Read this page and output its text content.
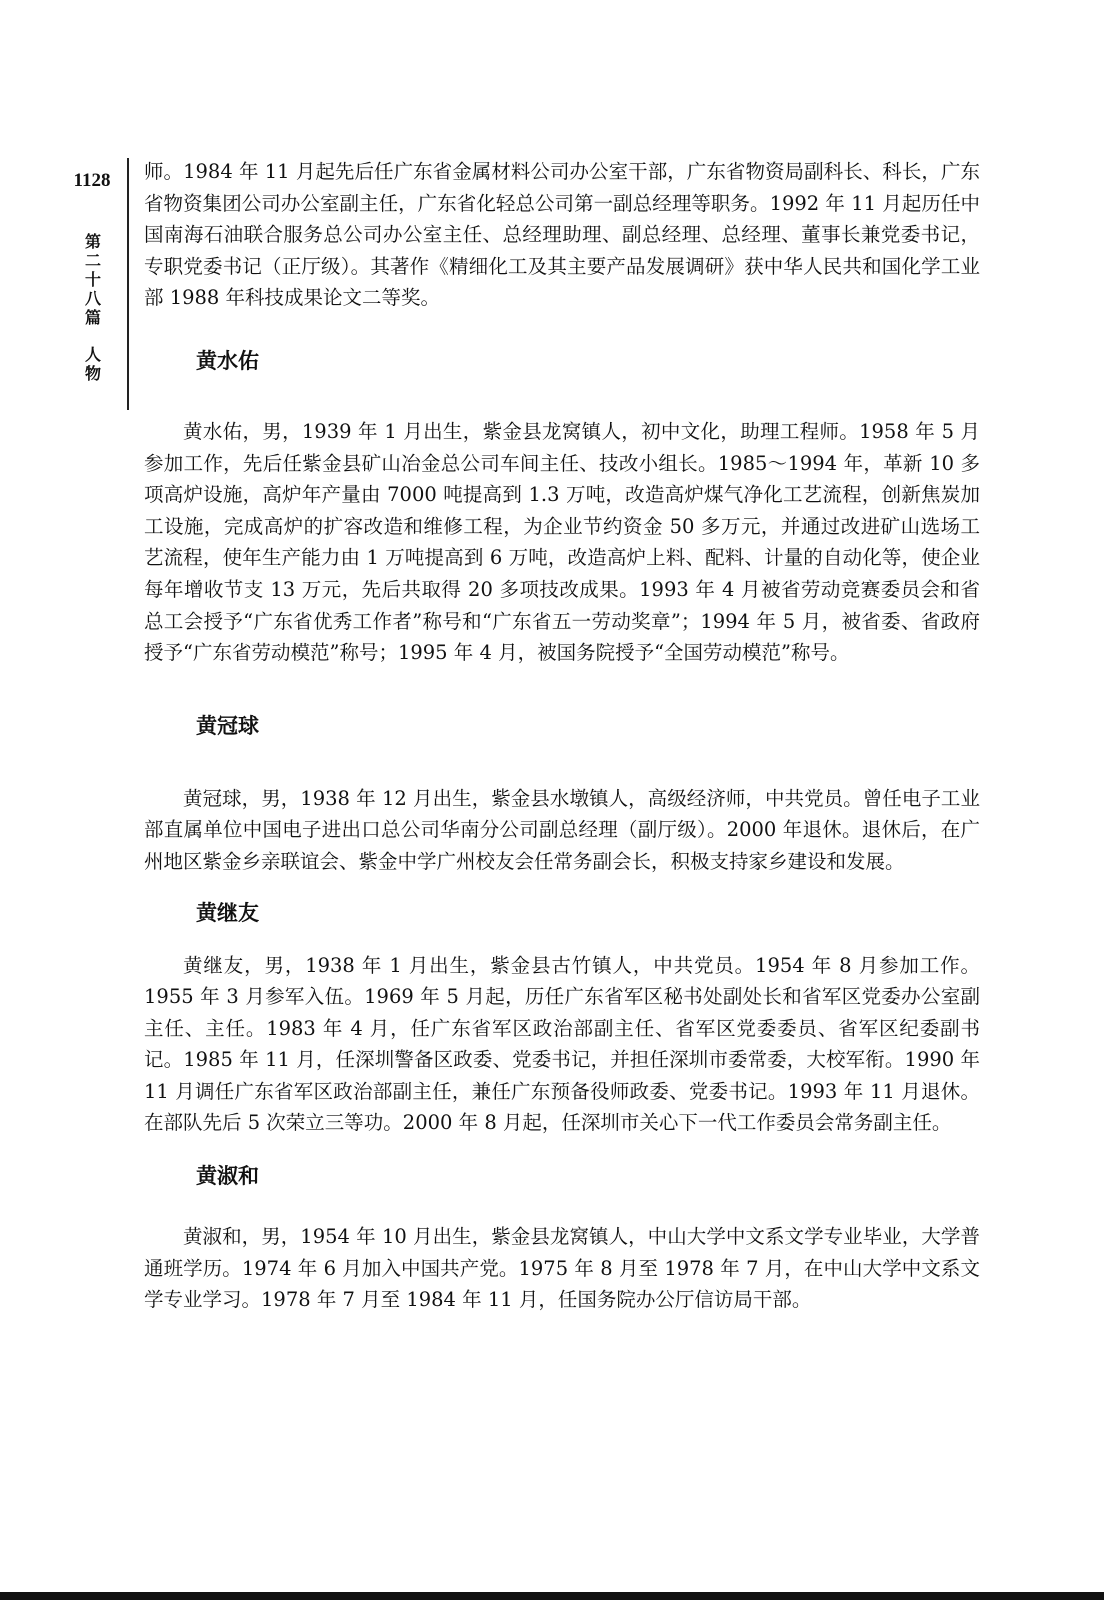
1128
第
二
十
八
篇
人
物

师。1984 年 11 月起先后任广东省金属材料公司办公室干部，广东省物资局副科长、科长，广东省物资集团公司办公室副主任，广东省化轻总公司第一副总经理等职务。1992 年 11 月起历任中国南海石油联合服务总公司办公室主任、总经理助理、副总经理、总经理、董事长兼党委书记，专职党委书记（正厅级）。其著作《精细化工及其主要产品发展调研》获中华人民共和国化学工业部 1988 年科技成果论文二等奖。

黄水佑

黄水佑，男，1939 年 1 月出生，紫金县龙窝镇人，初中文化，助理工程师。1958 年 5 月参加工作，先后任紫金县矿山冶金总公司车间主任、技改小组长。1985～1994 年，革新 10 多项高炉设施，高炉年产量由 7000 吨提高到 1.3 万吨，改造高炉煤气净化工艺流程，创新焦炭加工设施，完成高炉的扩容改造和维修工程，为企业节约资金 50 多万元，并通过改进矿山选场工艺流程，使年生产能力由 1 万吨提高到 6 万吨，改造高炉上料、配料、计量的自动化等，使企业每年增收节支 13 万元，先后共取得 20 多项技改成果。1993 年 4 月被省劳动竞赛委员会和省总工会授予“广东省优秀工作者”称号和“广东省五一劳动奖章”；1994 年 5 月，被省委、省政府授予“广东省劳动模范”称号；1995 年 4 月，被国务院授予“全国劳动模范”称号。

黄冠球

黄冠球，男，1938 年 12 月出生，紫金县水墩镇人，高级经济师，中共党员。曾任电子工业部直属单位中国电子进出口总公司华南分公司副总经理（副厅级）。2000 年退休。退休后，在广州地区紫金乡亲联谊会、紫金中学广州校友会任常务副会长，积极支持家乡建设和发展。

黄继友

黄继友，男，1938 年 1 月出生，紫金县古竹镇人，中共党员。1954 年 8 月参加工作。1955 年 3 月参军入伍。1969 年 5 月起，历任广东省军区秘书处副处长和省军区党委办公室副主任、主任。1983 年 4 月，任广东省军区政治部副主任、省军区党委委员、省军区纪委副书记。1985 年 11 月，任深圳警备区政委、党委书记，并担任深圳市委常委，大校军衔。1990 年 11 月调任广东省军区政治部副主任，兼任广东预备役师政委、党委书记。1993 年 11 月退休。在部队先后 5 次荣立三等功。2000 年 8 月起，任深圳市关心下一代工作委员会常务副主任。

黄淑和

黄淑和，男，1954 年 10 月出生，紫金县龙窝镇人，中山大学中文系文学专业毕业，大学普通班学历。1974 年 6 月加入中国共产党。1975 年 8 月至 1978 年 7 月，在中山大学中文系文学专业学习。1978 年 7 月至 1984 年 11 月，任国务院办公厅信访局干部。
